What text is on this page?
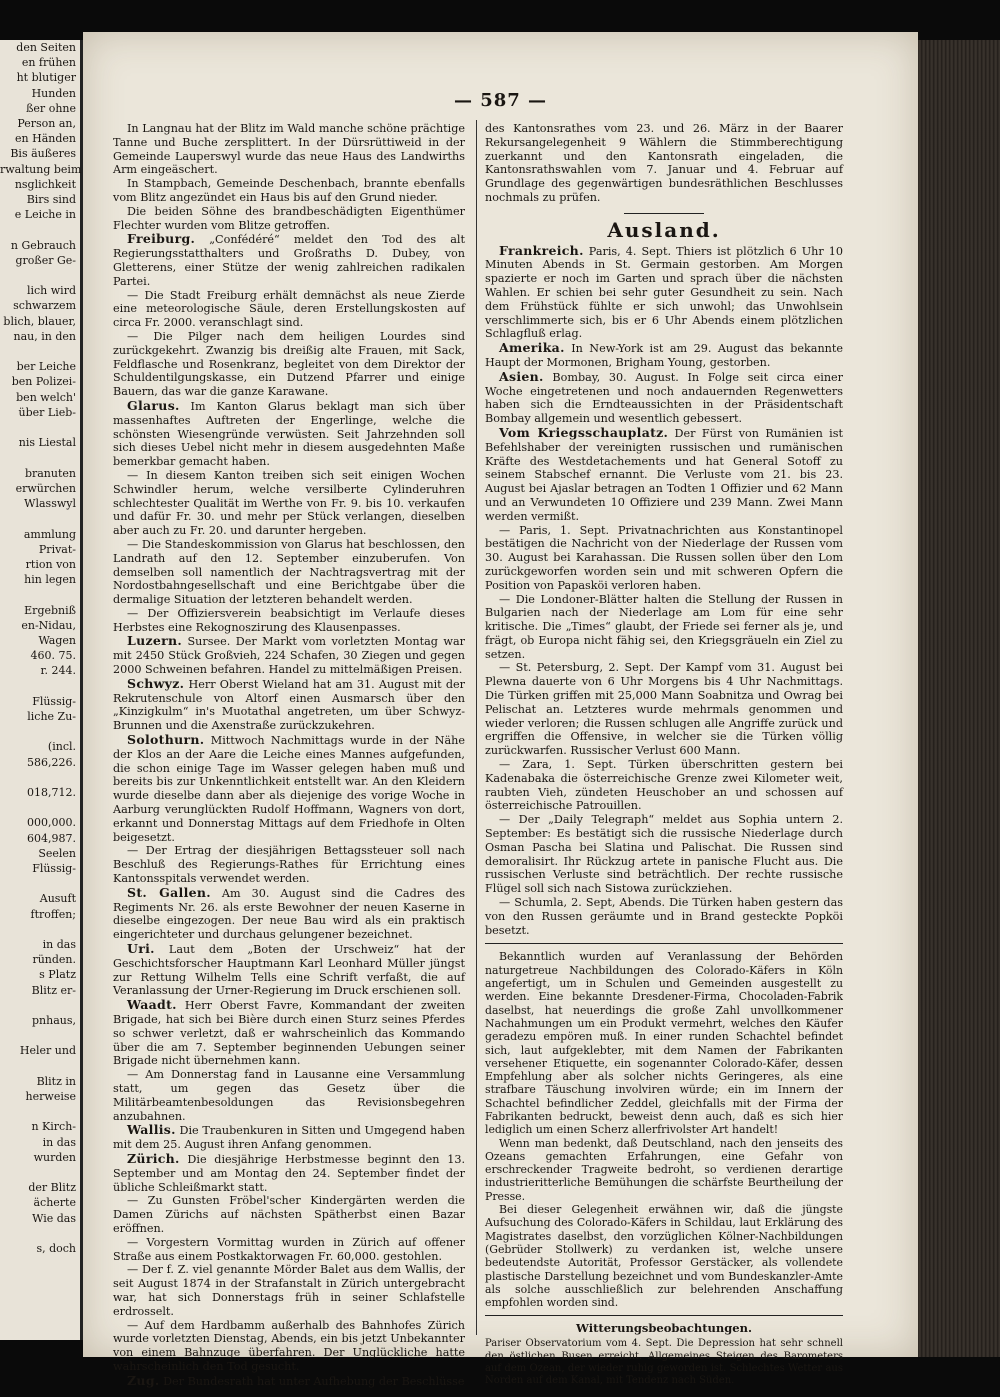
den Seiten
en frühen
ht blutiger
Hunden
ßer ohne
Person an,
en Händen
Bis äußeres
rwaltung beim
nsglichkeit
Birs sind
e Leiche in

n Gebrauch
großer Ge-

lich wird
schwarzem
blich, blauer,
nau, in den

ber Leiche
ben Polizei-
ben welch'
über Lieb-

nis Liestal

branuten
erwürchen
Wlasswyl

ammlung
Privat-
rtion von
hin legen

Ergebniß
en-Nidau,
Wagen
460. 75.
r. 244.

Flüssig-
liche Zu-

(incl.
586,226.

018,712.

000,000.
604,987.
Seelen
Flüssig-

Ausuft
ftroffen;

in das
ründen.
s Platz
Blitz er-

pnhaus,

Heler und

Blitz in
herweise

n Kirch-
in das
wurden

der Blitz
ächerte
Wie das

s, doch
— 587 —

In Langnau hat der Blitz im Wald manche schöne prächtige Tanne und Buche zersplittert. In der Dürsrüttiweid in der Gemeinde Lauperswyl wurde das neue Haus des Landwirths Arm eingeäschert.

In Stampbach, Gemeinde Deschenbach, brannte ebenfalls vom Blitz angezündet ein Haus bis auf den Grund nieder.

Die beiden Söhne des brandbeschädigten Eigenthümer Flechter wurden vom Blitze getroffen.

Freiburg. „Confédéré“ meldet den Tod des alt Regierungsstatthalters und Großraths D. Dubey, von Gletterens, einer Stütze der wenig zahlreichen radikalen Partei.

— Die Stadt Freiburg erhält demnächst als neue Zierde eine meteorologische Säule, deren Erstellungskosten auf circa Fr. 2000. veranschlagt sind.

— Die Pilger nach dem heiligen Lourdes sind zurückgekehrt. Zwanzig bis dreißig alte Frauen, mit Sack, Feldflasche und Rosenkranz, begleitet von dem Direktor der Schuldentilgungskasse, ein Dutzend Pfarrer und einige Bauern, das war die ganze Karawane.

Glarus. Im Kanton Glarus beklagt man sich über massenhaftes Auftreten der Engerlinge, welche die schönsten Wiesengründe verwüsten. Seit Jahrzehnden soll sich dieses Uebel nicht mehr in diesem ausgedehnten Maße bemerkbar gemacht haben.

— In diesem Kanton treiben sich seit einigen Wochen Schwindler herum, welche versilberte Cylinderuhren schlechtester Qualität im Werthe von Fr. 9. bis 10. verkaufen und dafür Fr. 30. und mehr per Stück verlangen, dieselben aber auch zu Fr. 20. und darunter hergeben.

— Die Standeskommission von Glarus hat beschlossen, den Landrath auf den 12. September einzuberufen. Von demselben soll namentlich der Nachtragsvertrag mit der Nordostbahngesellschaft und eine Berichtgabe über die dermalige Situation der letzteren behandelt werden.

— Der Offiziersverein beabsichtigt im Verlaufe dieses Herbstes eine Rekognoszirung des Klausenpasses.

Luzern. Sursee. Der Markt vom vorletzten Montag war mit 2450 Stück Großvieh, 224 Schafen, 30 Ziegen und gegen 2000 Schweinen befahren. Handel zu mittelmäßigen Preisen.

Schwyz. Herr Oberst Wieland hat am 31. August mit der Rekrutenschule von Altorf einen Ausmarsch über den „Kinzigkulm“ in's Muotathal angetreten, um über Schwyz-Brunnen und die Axenstraße zurückzukehren.

Solothurn. Mittwoch Nachmittags wurde in der Nähe der Klos an der Aare die Leiche eines Mannes aufgefunden, die schon einige Tage im Wasser gelegen haben muß und bereits bis zur Unkenntlichkeit entstellt war. An den Kleidern wurde dieselbe dann aber als diejenige des vorige Woche in Aarburg verunglückten Rudolf Hoffmann, Wagners von dort, erkannt und Donnerstag Mittags auf dem Friedhofe in Olten beigesetzt.

— Der Ertrag der diesjährigen Bettagssteuer soll nach Beschluß des Regierungs-Rathes für Errichtung eines Kantonsspitals verwendet werden.

St. Gallen. Am 30. August sind die Cadres des Regiments Nr. 26. als erste Bewohner der neuen Kaserne in dieselbe eingezogen. Der neue Bau wird als ein praktisch eingerichteter und durchaus gelungener bezeichnet.

Uri. Laut dem „Boten der Urschweiz“ hat der Geschichtsforscher Hauptmann Karl Leonhard Müller jüngst zur Rettung Wilhelm Tells eine Schrift verfaßt, die auf Veranlassung der Urner-Regierung im Druck erschienen soll.

Waadt. Herr Oberst Favre, Kommandant der zweiten Brigade, hat sich bei Bière durch einen Sturz seines Pferdes so schwer verletzt, daß er wahrscheinlich das Kommando über die am 7. September beginnenden Uebungen seiner Brigade nicht übernehmen kann.

— Am Donnerstag fand in Lausanne eine Versammlung statt, um gegen das Gesetz über die Militärbeamtenbesoldungen das Revisionsbegehren anzubahnen.

Wallis. Die Traubenkuren in Sitten und Umgegend haben mit dem 25. August ihren Anfang genommen.

Zürich. Die diesjährige Herbstmesse beginnt den 13. September und am Montag den 24. September findet der übliche Schleißmarkt statt.

— Zu Gunsten Fröbel'scher Kindergärten werden die Damen Zürichs auf nächsten Spätherbst einen Bazar eröffnen.

— Vorgestern Vormittag wurden in Zürich auf offener Straße aus einem Postkaktorwagen Fr. 60,000. gestohlen.

— Der f. Z. viel genannte Mörder Balet aus dem Wallis, der seit August 1874 in der Strafanstalt in Zürich untergebracht war, hat sich Donnerstags früh in seiner Schlafstelle erdrosselt.

— Auf dem Hardbamm außerhalb des Bahnhofes Zürich wurde vorletzten Dienstag, Abends, ein bis jetzt Unbekannter von einem Bahnzuge überfahren. Der Unglückliche hatte wahrscheinlich den Tod gesucht.

Zug. Der Bundesrath hat unter Aufhebung der Beschlüsse

des Kantonsrathes vom 23. und 26. März in der Baarer Rekursangelegenheit 9 Wählern die Stimmberechtigung zuerkannt und den Kantonsrath eingeladen, die Kantonsrathswahlen vom 7. Januar und 4. Februar auf Grundlage des gegenwärtigen bundesräthlichen Beschlusses nochmals zu prüfen.

Ausland.

Frankreich. Paris, 4. Sept. Thiers ist plötzlich 6 Uhr 10 Minuten Abends in St. Germain gestorben. Am Morgen spazierte er noch im Garten und sprach über die nächsten Wahlen. Er schien bei sehr guter Gesundheit zu sein. Nach dem Frühstück fühlte er sich unwohl; das Unwohlsein verschlimmerte sich, bis er 6 Uhr Abends einem plötzlichen Schlagfluß erlag.

Amerika. In New-York ist am 29. August das bekannte Haupt der Mormonen, Brigham Young, gestorben.

Asien. Bombay, 30. August. In Folge seit circa einer Woche eingetretenen und noch andauernden Regenwetters haben sich die Erndteaussichten in der Präsidentschaft Bombay allgemein und wesentlich gebessert.

Vom Kriegsschauplatz. Der Fürst von Rumänien ist Befehlshaber der vereinigten russischen und rumänischen Kräfte des Westdetachements und hat General Sotoff zu seinem Stabschef ernannt. Die Verluste vom 21. bis 23. August bei Ajaslar betragen an Todten 1 Offizier und 62 Mann und an Verwundeten 10 Offiziere und 239 Mann. Zwei Mann werden vermißt.

— Paris, 1. Sept. Privatnachrichten aus Konstantinopel bestätigen die Nachricht von der Niederlage der Russen vom 30. August bei Karahassan. Die Russen sollen über den Lom zurückgeworfen worden sein und mit schweren Opfern die Position von Papasköi verloren haben.

— Die Londoner-Blätter halten die Stellung der Russen in Bulgarien nach der Niederlage am Lom für eine sehr kritische. Die „Times“ glaubt, der Friede sei ferner als je, und frägt, ob Europa nicht fähig sei, den Kriegsgräueln ein Ziel zu setzen.

— St. Petersburg, 2. Sept. Der Kampf vom 31. August bei Plewna dauerte von 6 Uhr Morgens bis 4 Uhr Nachmittags. Die Türken griffen mit 25,000 Mann Soabnitza und Owrag bei Pelischat an. Letzteres wurde mehrmals genommen und wieder verloren; die Russen schlugen alle Angriffe zurück und ergriffen die Offensive, in welcher sie die Türken völlig zurückwarfen. Russischer Verlust 600 Mann.

— Zara, 1. Sept. Türken überschritten gestern bei Kadenabaka die österreichische Grenze zwei Kilometer weit, raubten Vieh, zündeten Heuschober an und schossen auf österreichische Patrouillen.

— Der „Daily Telegraph“ meldet aus Sophia untern 2. September: Es bestätigt sich die russische Niederlage durch Osman Pascha bei Slatina und Palischat. Die Russen sind demoralisirt. Ihr Rückzug artete in panische Flucht aus. Die russischen Verluste sind beträchtlich. Der rechte russische Flügel soll sich nach Sistowa zurückziehen.

— Schumla, 2. Sept, Abends. Die Türken haben gestern das von den Russen geräumte und in Brand gesteckte Popköi besetzt.

Bekanntlich wurden auf Veranlassung der Behörden naturgetreue Nachbildungen des Colorado-Käfers in Köln angefertigt, um in Schulen und Gemeinden ausgestellt zu werden. Eine bekannte Dresdener-Firma, Chocoladen-Fabrik daselbst, hat neuerdings die große Zahl unvollkommener Nachahmungen um ein Produkt vermehrt, welches den Käufer geradezu empören muß. In einer runden Schachtel befindet sich, laut aufgeklebter, mit dem Namen der Fabrikanten versehener Etiquette, ein sogenannter Colorado-Käfer, dessen Empfehlung aber als solcher nichts Geringeres, als eine strafbare Täuschung involviren würde; ein im Innern der Schachtel befindlicher Zeddel, gleichfalls mit der Firma der Fabrikanten bedruckt, beweist denn auch, daß es sich hier lediglich um einen Scherz allerfrivolster Art handelt!

Wenn man bedenkt, daß Deutschland, nach den jenseits des Ozeans gemachten Erfahrungen, eine Gefahr von erschreckender Tragweite bedroht, so verdienen derartige industrieritterliche Bemühungen die schärfste Beurtheilung der Presse.

Bei dieser Gelegenheit erwähnen wir, daß die jüngste Aufsuchung des Colorado-Käfers in Schildau, laut Erklärung des Magistrates daselbst, den vorzüglichen Kölner-Nachbildungen (Gebrüder Stollwerk) zu verdanken ist, welche unsere bedeutendste Autorität, Professor Gerstäcker, als vollendete plastische Darstellung bezeichnet und vom Bundeskanzler-Amte als solche ausschließlich zur belehrenden Anschaffung empfohlen worden sind.

Witterungsbeobachtungen.

Pariser Observatorium vom 4. Sept. Die Depression hat sehr schnell den östlichen Busen erreicht. Allgemeines Steigen des Barometers auf dem Ozean, der wieder ruhig geworden ist. Schlechtes Wetter aus Norden auf dem Kanal, mit Tendenz nach Süden.
